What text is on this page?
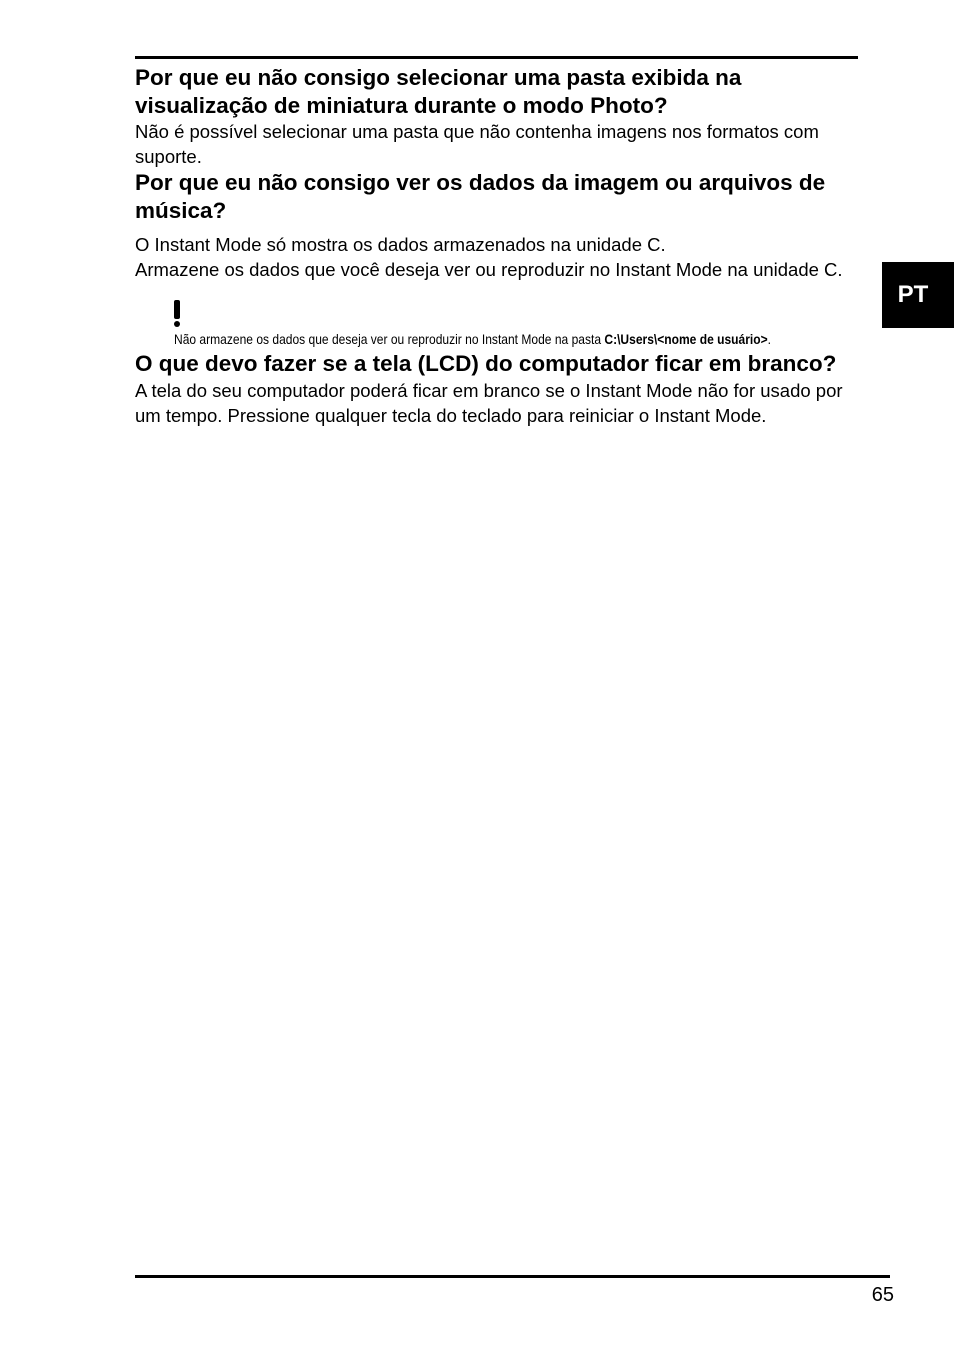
Por que eu não consigo selecionar uma pasta exibida na visualização de miniatura durante o modo Photo?

Não é possível selecionar uma pasta que não contenha imagens nos formatos com suporte.

Por que eu não consigo ver os dados da imagem ou arquivos de música?

O Instant Mode só mostra os dados armazenados na unidade C.

Armazene os dados que você deseja ver ou reproduzir no Instant Mode na unidade C.

Não armazene os dados que deseja ver ou reproduzir no Instant Mode na pasta C:\Users\<nome de usuário>.

O que devo fazer se a tela (LCD) do computador ficar em branco?

A tela do seu computador poderá ficar em branco se o Instant Mode não for usado por um tempo. Pressione qualquer tecla do teclado para reiniciar o Instant Mode.

PT
65
